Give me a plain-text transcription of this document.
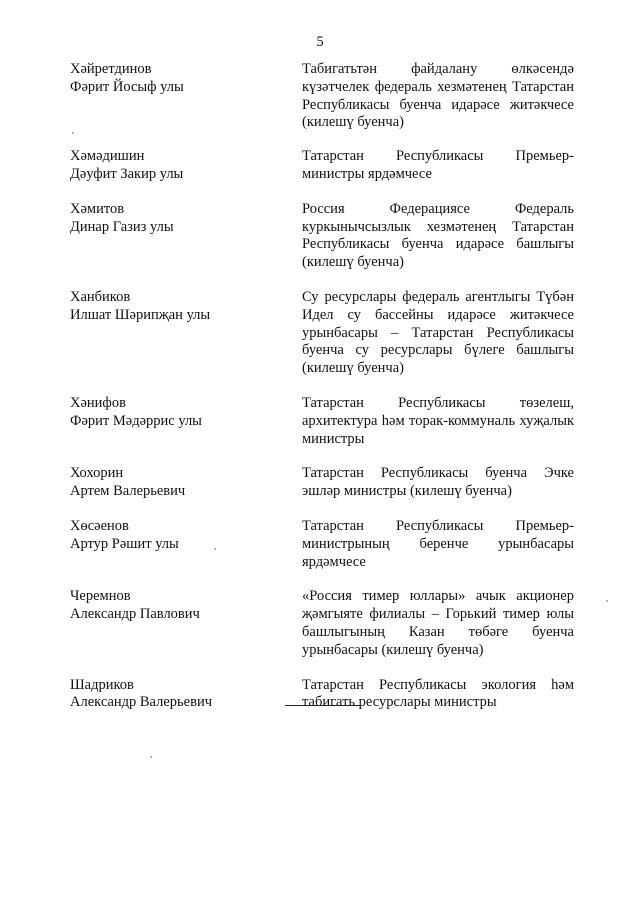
5
Хәйретдинов
Фәрит Йосыф улы
Табигатьтән файдалану өлкәсендә күзәтчелек федераль хезмәтенең Татарстан Республикасы буенча идарәсе житәкчесе (килешү буенча)
Хәмәдишин
Дәуфит Закир улы
Татарстан Республикасы Премьер-министры ярдәмчесе
Хәмитов
Динар Газиз улы
Россия Федерациясе Федераль куркынычсызлык хезмәтенең Татарстан Республикасы буенча идарәсе башлыгы (килешү буенча)
Ханбиков
Илшат Шәрипҗан улы
Су ресурслары федераль агентлыгы Түбән Идел су бассейны идарәсе житәкчесе урынбасары – Татарстан Республикасы буенча су ресурслары бүлеге башлыгы (килешү буенча)
Хәнифов
Фәрит Мәдәррис улы
Татарстан Республикасы төзелеш, архитектура һәм торак-коммуналь хуҗалык министры
Хохорин
Артем Валерьевич
Татарстан Республикасы буенча Эчке эшләр министры (килешү буенча)
Хөсәенов
Артур Рәшит улы
Татарстан Республикасы Премьер-министрының беренче урынбасары ярдәмчесе
Черемнов
Александр Павлович
«Россия тимер юллары» ачык акционер җәмгыяте филиалы – Горький тимер юлы башлыгының Казан төбәге буенча урынбасары (килешү буенча)
Шадриков
Александр Валерьевич
Татарстан Республикасы экология һәм табигать ресурслары министры
